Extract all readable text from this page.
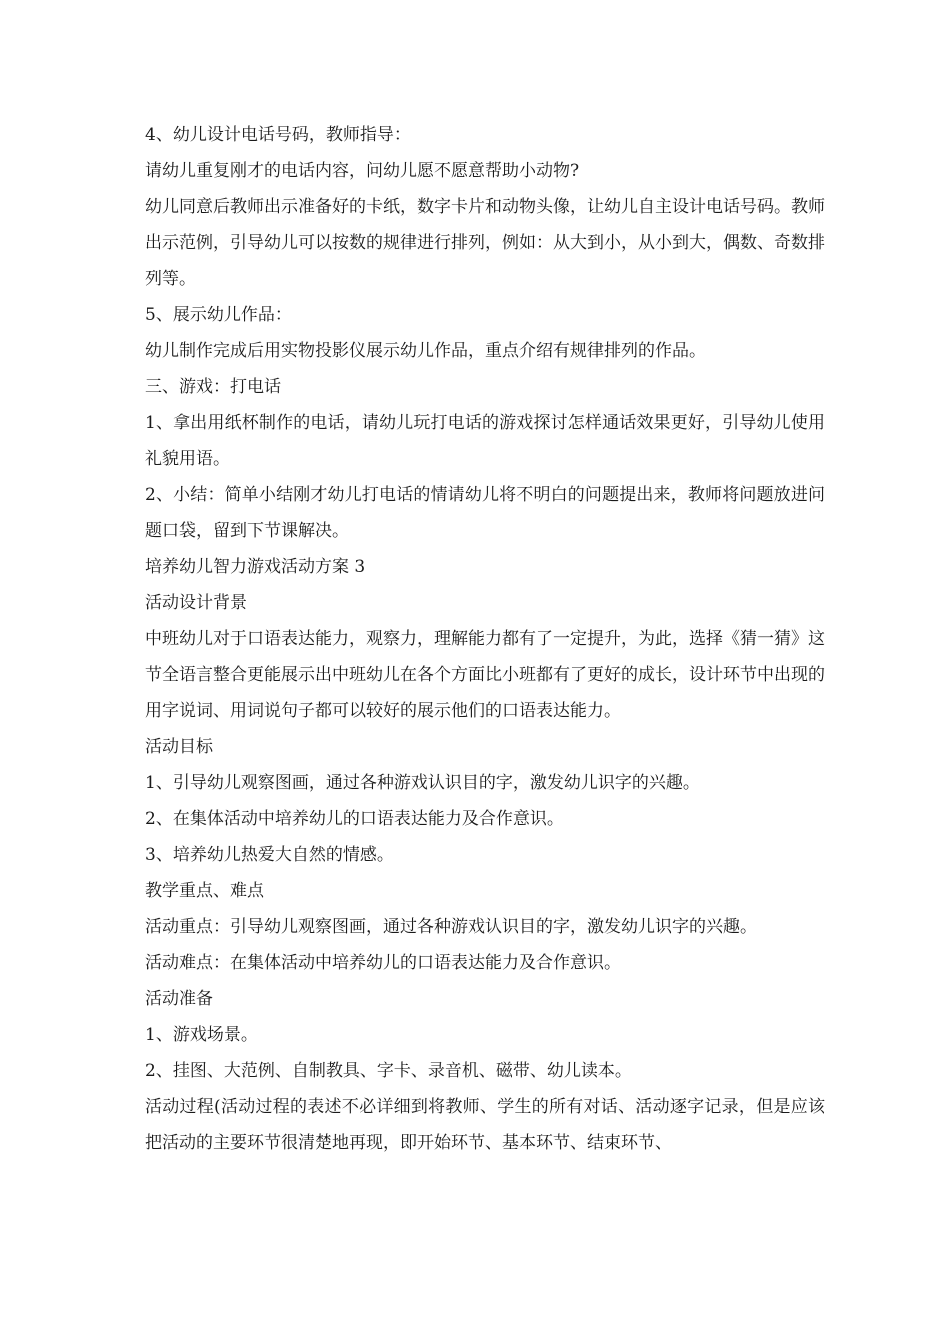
4、幼儿设计电话号码，教师指导：

请幼儿重复刚才的电话内容，问幼儿愿不愿意帮助小动物?

幼儿同意后教师出示准备好的卡纸，数字卡片和动物头像，让幼儿自主设计电话号码。教师出示范例，引导幼儿可以按数的规律进行排列，例如：从大到小，从小到大，偶数、奇数排列等。

5、展示幼儿作品：

幼儿制作完成后用实物投影仪展示幼儿作品，重点介绍有规律排列的作品。

三、游戏：打电话

1、拿出用纸杯制作的电话，请幼儿玩打电话的游戏探讨怎样通话效果更好，引导幼儿使用礼貌用语。

2、小结：简单小结刚才幼儿打电话的情请幼儿将不明白的问题提出来，教师将问题放进问题口袋，留到下节课解决。

培养幼儿智力游戏活动方案 3

活动设计背景

中班幼儿对于口语表达能力，观察力，理解能力都有了一定提升，为此，选择《猜一猜》这节全语言整合更能展示出中班幼儿在各个方面比小班都有了更好的成长，设计环节中出现的用字说词、用词说句子都可以较好的展示他们的口语表达能力。

活动目标

1、引导幼儿观察图画，通过各种游戏认识目的字，激发幼儿识字的兴趣。

2、在集体活动中培养幼儿的口语表达能力及合作意识。

3、培养幼儿热爱大自然的情感。

教学重点、难点

活动重点：引导幼儿观察图画，通过各种游戏认识目的字，激发幼儿识字的兴趣。

活动难点：在集体活动中培养幼儿的口语表达能力及合作意识。

活动准备

1、游戏场景。

2、挂图、大范例、自制教具、字卡、录音机、磁带、幼儿读本。

活动过程(活动过程的表述不必详细到将教师、学生的所有对话、活动逐字记录，但是应该把活动的主要环节很清楚地再现，即开始环节、基本环节、结束环节、
